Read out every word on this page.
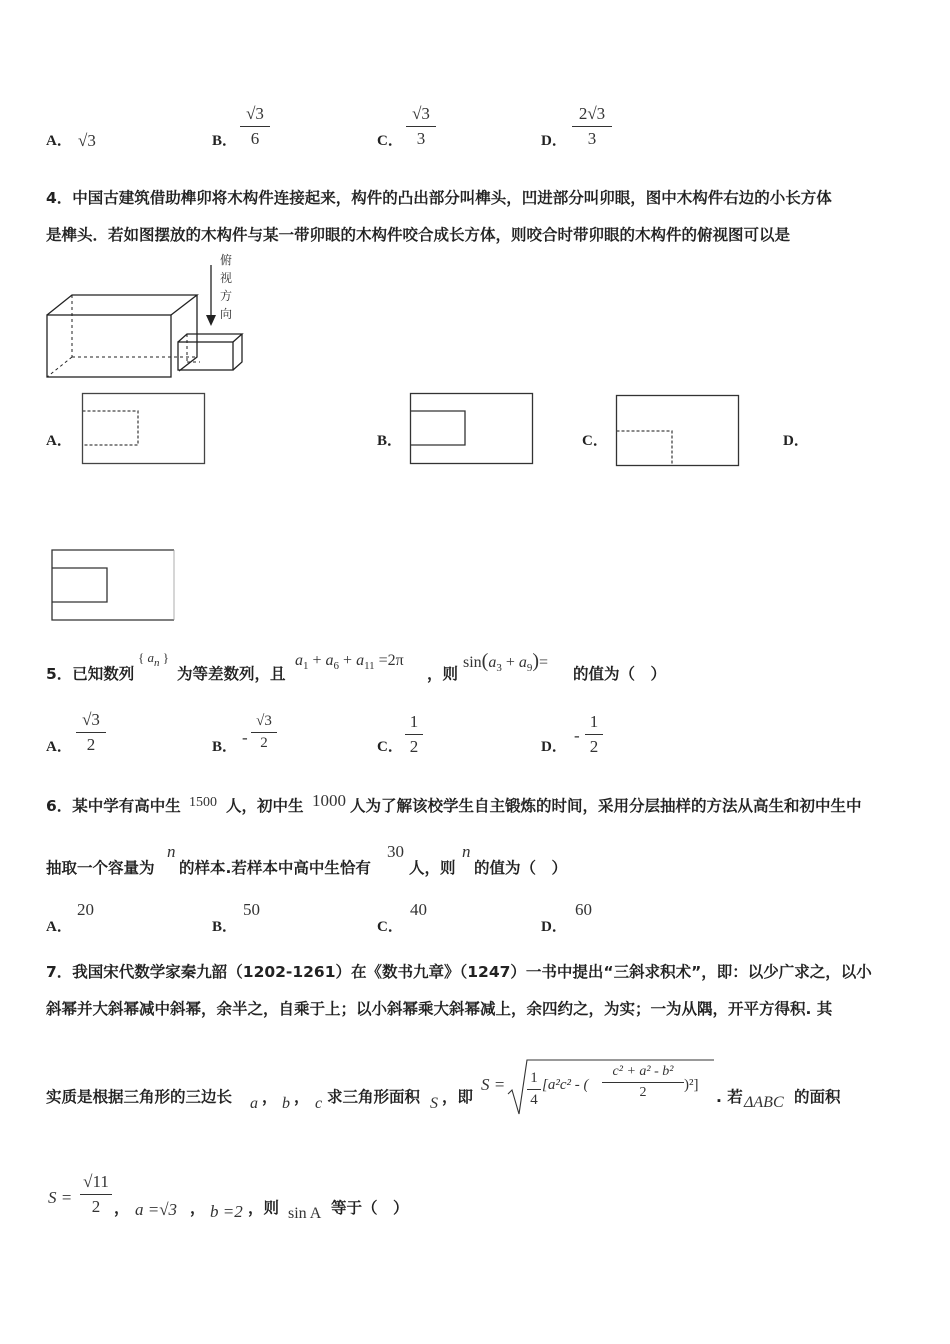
A． √3	B． $\frac{√3}{6}$	C． $\frac{√3}{3}$	D． $\frac{2√3}{3}$
4．中国古建筑借助榫卯将木构件连接起来，构件的凸出部分叫榫头，凹进部分叫卯眼，图中木构件右边的小长方体
是榫头．若如图摆放的木构件与某一带卯眼的木构件咬合成长方体，则咬合时带卯眼的木构件的俯视图可以是
俯
视
方
向
A．	B．	C．	D．
5．已知数列
{ $a_n$ }
为等差数列，且
$a_1 + a_6 + a_{11} =2\pi$
，则
$\sin(a_3 + a_9)=$
的值为（　）
A． $\frac{√3}{2}$	B． - $\frac{√3}{2}$	C． $\frac{1}{2}$	D．
- $\frac{1}{2}$
6．某中学有高中生 1500 人，初中生 1000 人为了解该校学生自主锻炼的时间，采用分层抽样的方法从高生和初中生中
抽取一个容量为
n
的样本.若样本中高中生恰有
30
人，则
n
的值为（　）
A．
20
B．
50
C．
40
D．
60
7．我国宋代数学家秦九韶（1202-1261）在《数书九章》（1247）一书中提出“三斜求积术”，即：以少广求之，以小
斜幂并大斜幂减中斜幂，余半之，自乘于上；以小斜幂乘大斜幂减上，余四约之，为实；一为从隅，开平方得积. 其
实质是根据三角形的三边长 a ， b ， c 求三角形面积 S ，即
$S = \frac{1}{4} [a^2c^2$ - ( $\frac{\text{c² + a² - b²}}{2} )^2$]
. 若 ΔABC 的面积
$S = \frac{√11}{2}$ ， a =√3 ， b =2 ，则 sin A 等于（　）
